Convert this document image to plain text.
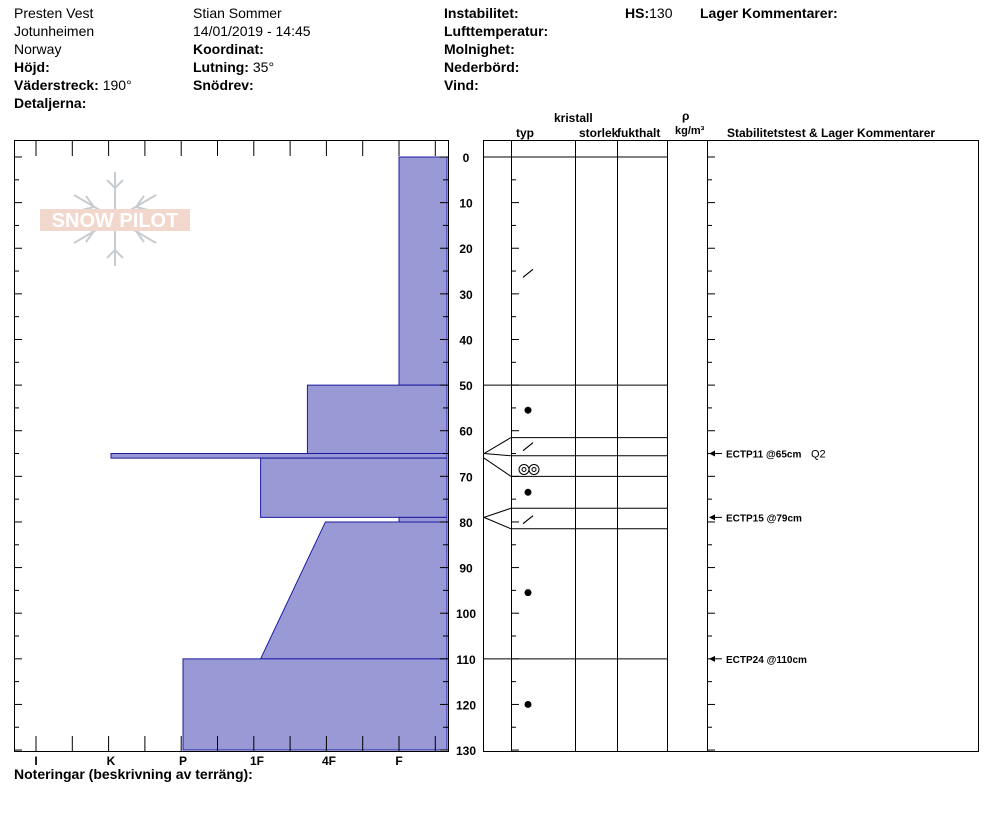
Presten Vest
Jotunheimen
Norway
Höjd:
Väderstreck: 190°
Detaljerna:
Stian Sommer
14/01/2019 - 14:45
Koordinat:
Lutning: 35°
Snödrev:
Instabilitet:
Lufttemperatur:
Molnighet:
Nederbörd:
Vind:
HS:130 Lager Kommentarer:
SNOW PILOT
I	K	P	1F	4F	F
0
10
20
30
40
50
60
70
80
90
100
110
120
130
kristall
typ	storlek
fukthalt
ρ
kg/m³ Stabilitetstest & Lager Kommentarer
ECTP11 @65cm Q2
ECTP15 @79cm
ECTP24 @110cm
Noteringar (beskrivning av terräng):
